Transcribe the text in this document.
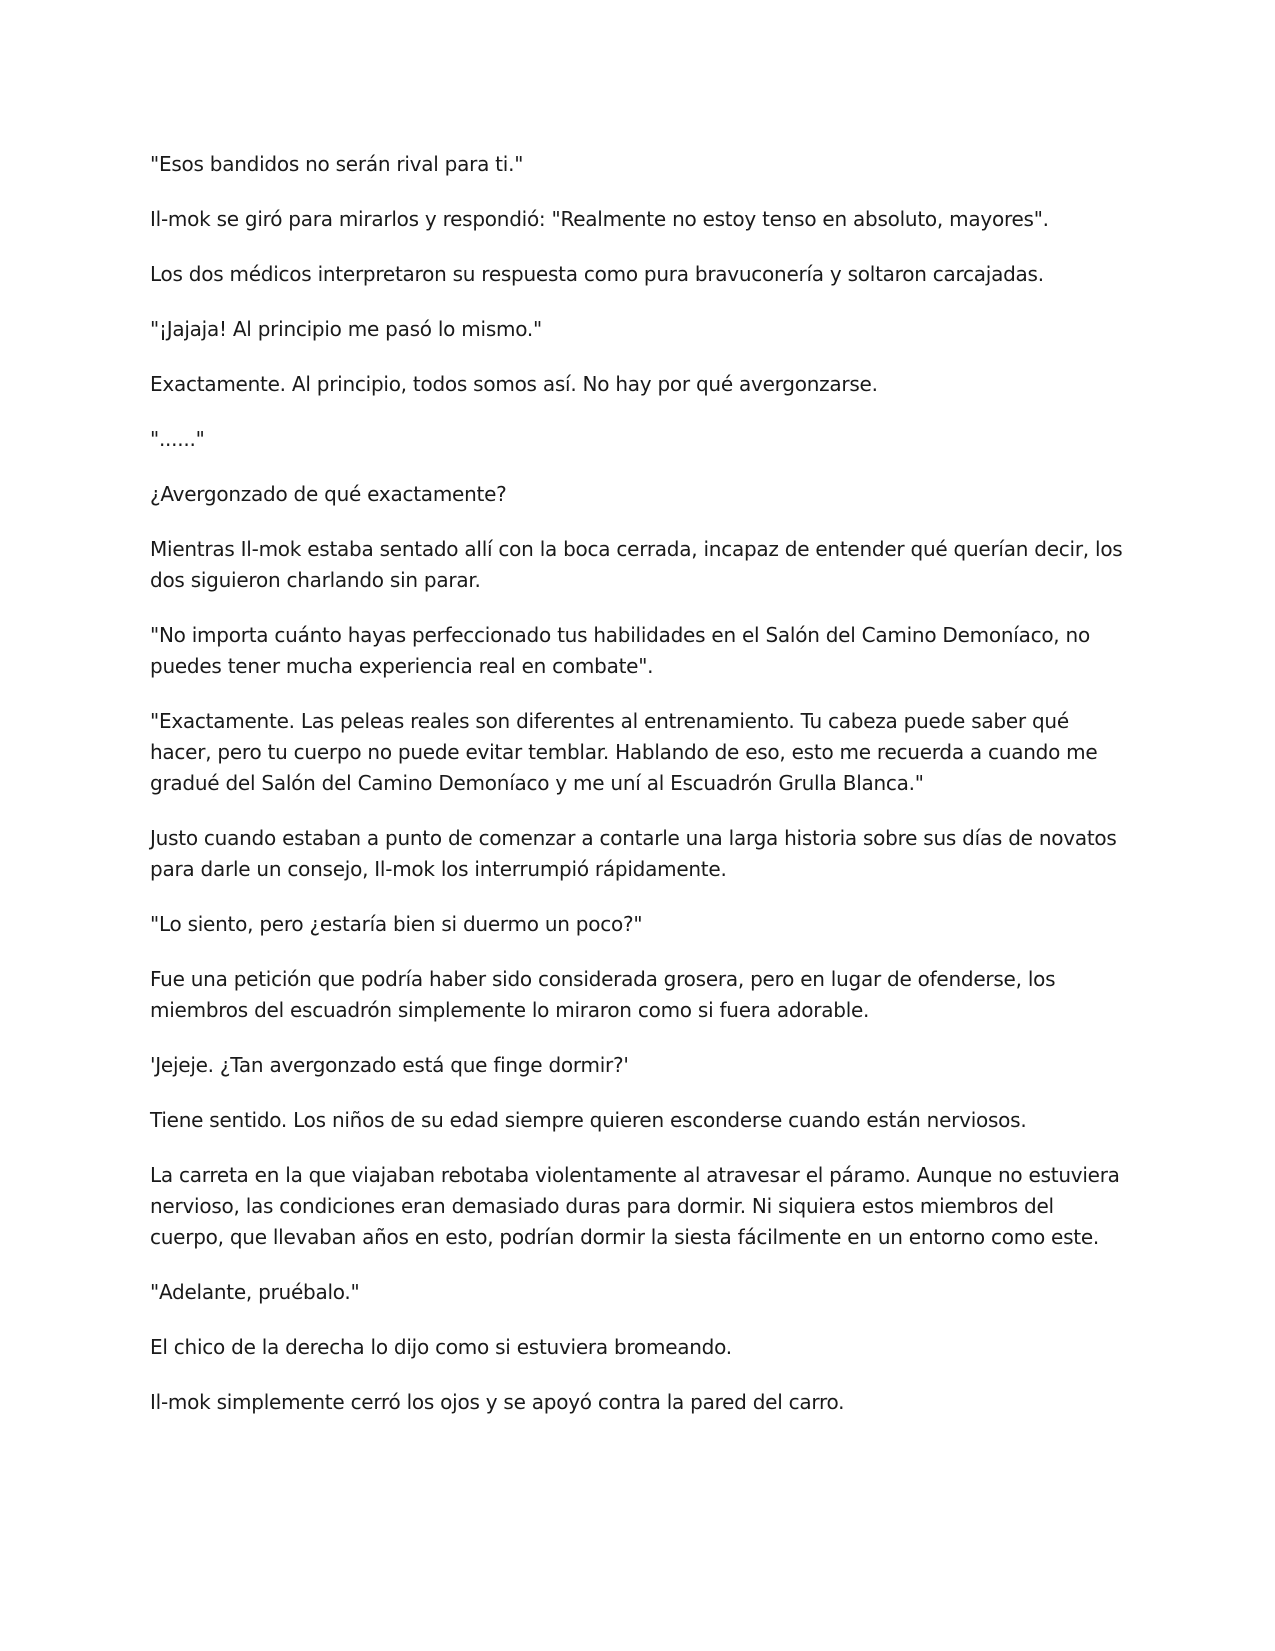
"Esos bandidos no serán rival para ti."

Il-mok se giró para mirarlos y respondió: "Realmente no estoy tenso en absoluto, mayores".

Los dos médicos interpretaron su respuesta como pura bravuconería y soltaron carcajadas.

"¡Jajaja! Al principio me pasó lo mismo."

Exactamente. Al principio, todos somos así. No hay por qué avergonzarse.

"......"

¿Avergonzado de qué exactamente?

Mientras Il-mok estaba sentado allí con la boca cerrada, incapaz de entender qué querían decir, los dos siguieron charlando sin parar.

"No importa cuánto hayas perfeccionado tus habilidades en el Salón del Camino Demoníaco, no puedes tener mucha experiencia real en combate".

"Exactamente. Las peleas reales son diferentes al entrenamiento. Tu cabeza puede saber qué hacer, pero tu cuerpo no puede evitar temblar. Hablando de eso, esto me recuerda a cuando me gradué del Salón del Camino Demoníaco y me uní al Escuadrón Grulla Blanca."

Justo cuando estaban a punto de comenzar a contarle una larga historia sobre sus días de novatos para darle un consejo, Il-mok los interrumpió rápidamente.

"Lo siento, pero ¿estaría bien si duermo un poco?"

Fue una petición que podría haber sido considerada grosera, pero en lugar de ofenderse, los miembros del escuadrón simplemente lo miraron como si fuera adorable.

'Jejeje. ¿Tan avergonzado está que finge dormir?'

Tiene sentido. Los niños de su edad siempre quieren esconderse cuando están nerviosos.

La carreta en la que viajaban rebotaba violentamente al atravesar el páramo. Aunque no estuviera nervioso, las condiciones eran demasiado duras para dormir. Ni siquiera estos miembros del cuerpo, que llevaban años en esto, podrían dormir la siesta fácilmente en un entorno como este.

"Adelante, pruébalo."

El chico de la derecha lo dijo como si estuviera bromeando.

Il-mok simplemente cerró los ojos y se apoyó contra la pared del carro.
